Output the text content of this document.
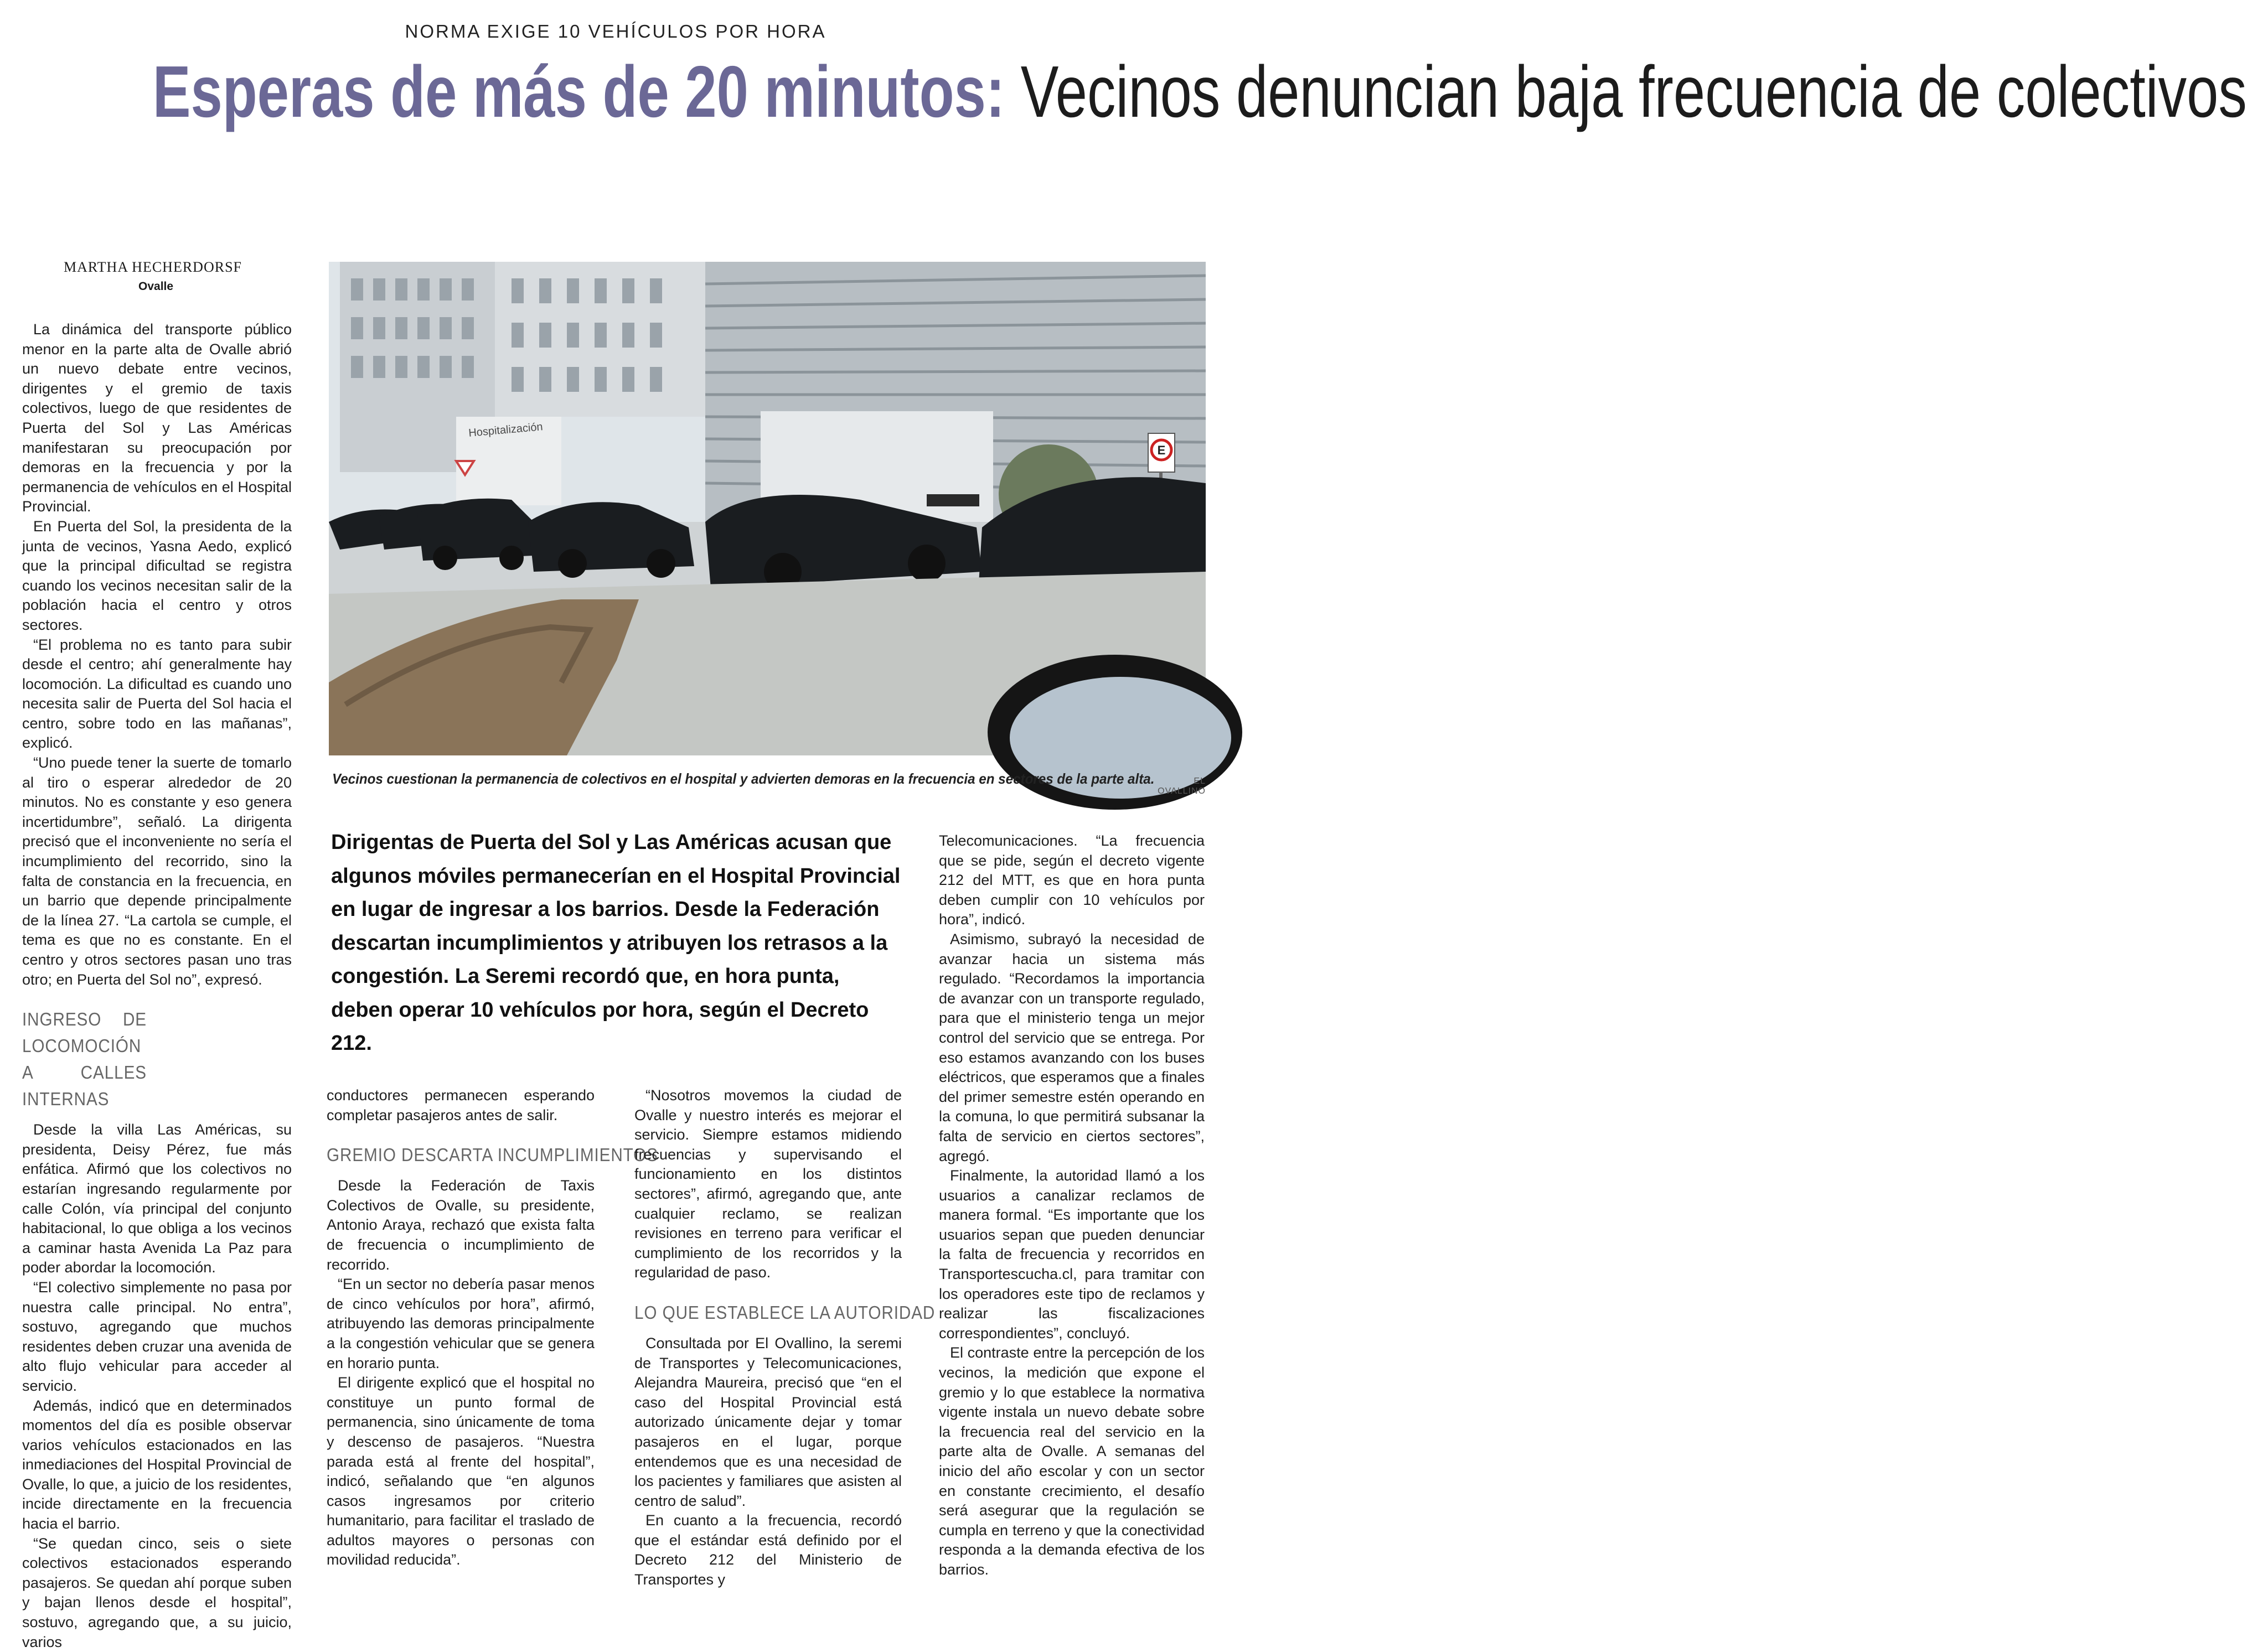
NORMA EXIGE 10 VEHÍCULOS POR HORA
Esperas de más de 20 minutos: Vecinos denuncian baja frecuencia de colectivos
MARTHA HECHERDORSF
Ovalle

La dinámica del transporte público menor en la parte alta de Ovalle abrió un nuevo debate entre vecinos, dirigentes y el gremio de taxis colectivos, luego de que residentes de Puerta del Sol y Las Américas manifestaran su preocupación por demoras en la frecuencia y por la permanencia de vehículos en el Hospital Provincial.

En Puerta del Sol, la presidenta de la junta de vecinos, Yasna Aedo, explicó que la principal dificultad se registra cuando los vecinos necesitan salir de la población hacia el centro y otros sectores.

“El problema no es tanto para subir desde el centro; ahí generalmente hay locomoción. La dificultad es cuando uno necesita salir de Puerta del Sol hacia el centro, sobre todo en las mañanas”, explicó.

“Uno puede tener la suerte de tomarlo al tiro o esperar alrededor de 20 minutos. No es constante y eso genera incertidumbre”, señaló. La dirigenta precisó que el inconveniente no sería el incumplimiento del recorrido, sino la falta de constancia en la frecuencia, en un barrio que depende principalmente de la línea 27. “La cartola se cumple, el tema es que no es constante. En el centro y otros sectores pasan uno tras otro; en Puerta del Sol no”, expresó.

INGRESO DE LOCOMOCIÓN A CALLES INTERNAS

Desde la villa Las Américas, su presidenta, Deisy Pérez, fue más enfática. Afirmó que los colectivos no estarían ingresando regularmente por calle Colón, vía principal del conjunto habitacional, lo que obliga a los vecinos a caminar hasta Avenida La Paz para poder abordar la locomoción.

“El colectivo simplemente no pasa por nuestra calle principal. No entra”, sostuvo, agregando que muchos residentes deben cruzar una avenida de alto flujo vehicular para acceder al servicio.

Además, indicó que en determinados momentos del día es posible observar varios vehículos estacionados en las inmediaciones del Hospital Provincial de Ovalle, lo que, a juicio de los residentes, incide directamente en la frecuencia hacia el barrio.

“Se quedan cinco, seis o siete colectivos estacionados esperando pasajeros. Se quedan ahí porque suben y bajan llenos desde el hospital”, sostuvo, agregando que, a su juicio, varios

Hospitalización
E
Vecinos cuestionan la permanencia de colectivos en el hospital y advierten demoras en la frecuencia en sectores de la parte alta.	EL OVALLINO
Dirigentas de Puerta del Sol y Las Américas acusan que algunos móviles permanecerían en el Hospital Provincial en lugar de ingresar a los barrios. Desde la Federación descartan incumplimientos y atribuyen los retrasos a la congestión. La Seremi recordó que, en hora punta, deben operar 10 vehículos por hora, según el Decreto 212.

conductores permanecen esperando completar pasajeros antes de salir.

GREMIO DESCARTA INCUMPLIMIENTOS

Desde la Federación de Taxis Colectivos de Ovalle, su presidente, Antonio Araya, rechazó que exista falta de frecuencia o incumplimiento de recorrido.

“En un sector no debería pasar menos de cinco vehículos por hora”, afirmó, atribuyendo las demoras principalmente a la congestión vehicular que se genera en horario punta.

El dirigente explicó que el hospital no constituye un punto formal de permanencia, sino únicamente de toma y descenso de pasajeros. “Nuestra parada está al frente del hospital”, indicó, señalando que “en algunos casos ingresamos por criterio humanitario, para facilitar el traslado de adultos mayores o personas con movilidad reducida”.

“Nosotros movemos la ciudad de Ovalle y nuestro interés es mejorar el servicio. Siempre estamos midiendo frecuencias y supervisando el funcionamiento en los distintos sectores”, afirmó, agregando que, ante cualquier reclamo, se realizan revisiones en terreno para verificar el cumplimiento de los recorridos y la regularidad de paso.

LO QUE ESTABLECE LA AUTORIDAD

Consultada por El Ovallino, la seremi de Transportes y Telecomunicaciones, Alejandra Maureira, precisó que “en el caso del Hospital Provincial está autorizado únicamente dejar y tomar pasajeros en el lugar, porque entendemos que es una necesidad de los pacientes y familiares que asisten al centro de salud”.

En cuanto a la frecuencia, recordó que el estándar está definido por el Decreto 212 del Ministerio de Transportes y

Telecomunicaciones. “La frecuencia que se pide, según el decreto vigente 212 del MTT, es que en hora punta deben cumplir con 10 vehículos por hora”, indicó.

Asimismo, subrayó la necesidad de avanzar hacia un sistema más regulado. “Recordamos la importancia de avanzar con un transporte regulado, para que el ministerio tenga un mejor control del servicio que se entrega. Por eso estamos avanzando con los buses eléctricos, que esperamos que a finales del primer semestre estén operando en la comuna, lo que permitirá subsanar la falta de servicio en ciertos sectores”, agregó.

Finalmente, la autoridad llamó a los usuarios a canalizar reclamos de manera formal. “Es importante que los usuarios sepan que pueden denunciar la falta de frecuencia y recorridos en Transportescucha.cl, para tramitar con los operadores este tipo de reclamos y realizar las fiscalizaciones correspondientes”, concluyó.

El contraste entre la percepción de los vecinos, la medición que expone el gremio y lo que establece la normativa vigente instala un nuevo debate sobre la frecuencia real del servicio en la parte alta de Ovalle. A semanas del inicio del año escolar y con un sector en constante crecimiento, el desafío será asegurar que la regulación se cumpla en terreno y que la conectividad responda a la demanda efectiva de los barrios.
